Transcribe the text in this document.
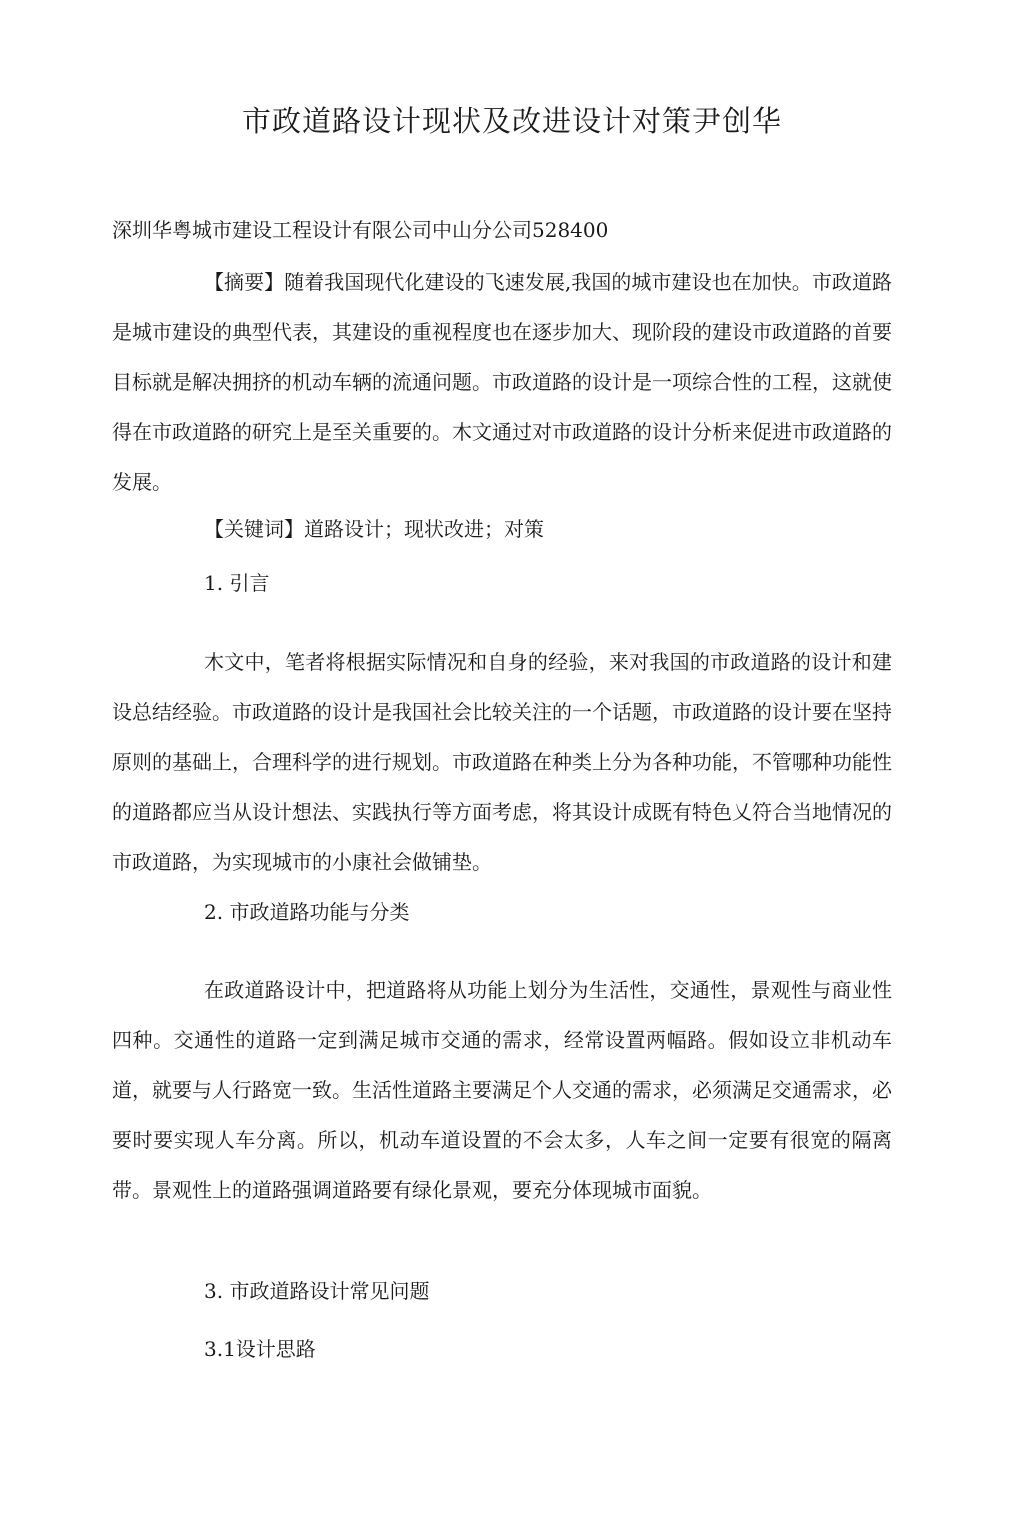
市政道路设计现状及改进设计对策尹创华
深圳华粤城市建设工程设计有限公司中山分公司528400

【摘要】随着我国现代化建设的飞速发展,我国的城市建设也在加快。市政道路是城市建设的典型代表，其建设的重视程度也在逐步加大、现阶段的建设市政道路的首要目标就是解决拥挤的机动车辆的流通问题。市政道路的设计是一项综合性的工程，这就使得在市政道路的研究上是至关重要的。木文通过对市政道路的设计分析来促进市政道路的发展。

【关键词】道路设计；现状改进；对策
1. 引言

木文中，笔者将根据实际情况和自身的经验，来对我国的市政道路的设计和建设总结经验。市政道路的设计是我国社会比较关注的一个话题，市政道路的设计要在坚持原则的基础上，合理科学的进行规划。市政道路在种类上分为各种功能，不管哪种功能性的道路都应当从设计想法、实践执行等方面考虑，将其设计成既有特色乂符合当地情况的市政道路，为实现城市的小康社会做铺垫。

2. 市政道路功能与分类

在政道路设计中，把道路将从功能上划分为生活性，交通性，景观性与商业性四种。交通性的道路一定到满足城市交通的需求，经常设置两幅路。假如设立非机动车道，就要与人行路宽一致。生活性道路主要满足个人交通的需求，必须满足交通需求，必要时要实现人车分离。所以，机动车道设置的不会太多，人车之间一定要有很宽的隔离带。景观性上的道路强调道路要有绿化景观，要充分体现城市面貌。

3. 市政道路设计常见问题
3.1设计思路
